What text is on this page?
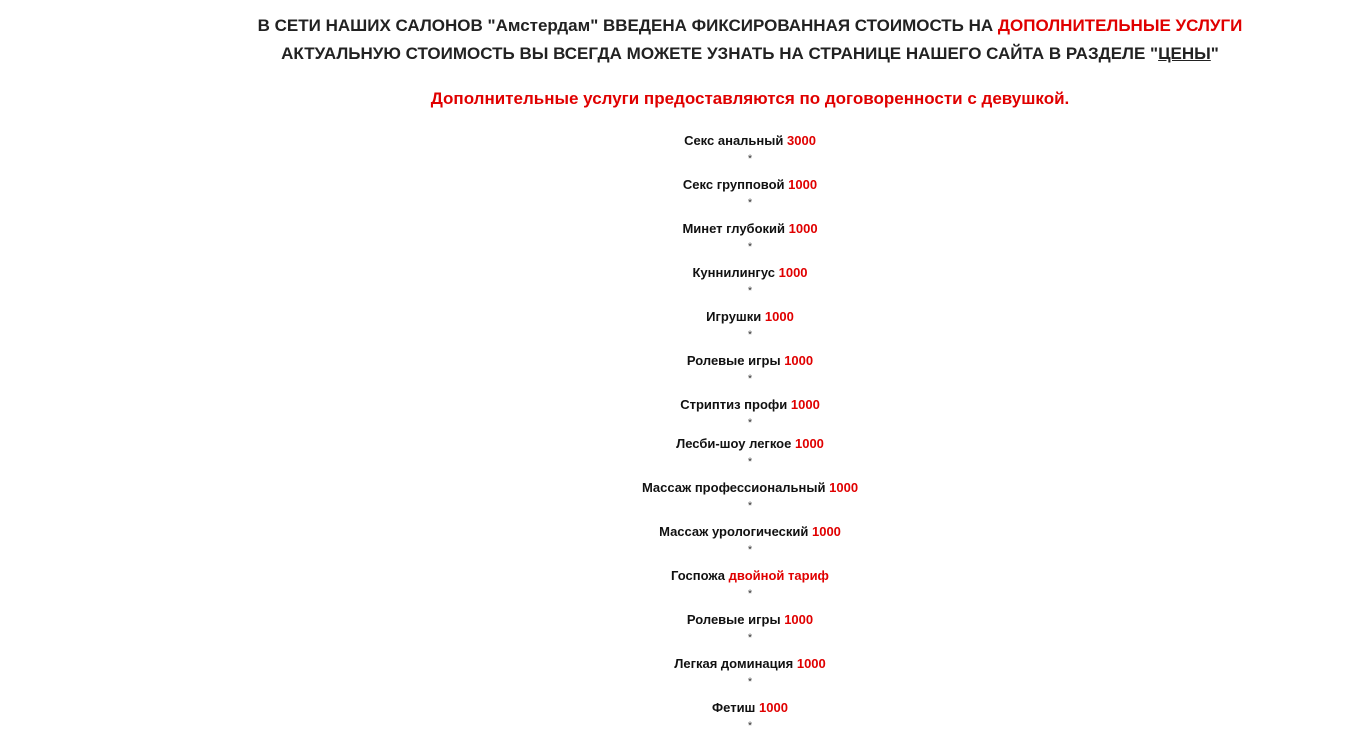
В СЕТИ НАШИХ САЛОНОВ "Амстердам" ВВЕДЕНА ФИКСИРОВАННАЯ СТОИМОСТЬ НА ДОПОЛНИТЕЛЬНЫЕ УСЛУГИ
АКТУАЛЬНУЮ СТОИМОСТЬ ВЫ ВСЕГДА МОЖЕТЕ УЗНАТЬ НА СТРАНИЦЕ НАШЕГО САЙТА В РАЗДЕЛЕ "ЦЕНЫ"
Дополнительные услуги предоставляются по договоренности с девушкой.
Секс анальный 3000
*
Секс групповой 1000
*
Минет глубокий 1000
*
Куннилингус 1000
*
Игрушки 1000
*
Ролевые игры 1000
*
Стриптиз профи 1000
*
Лесби-шоу легкое 1000
*
Массаж профессиональный 1000
*
Массаж урологический 1000
*
Госпожа двойной тариф
*
Ролевые игры 1000
*
Легкая доминация 1000
*
Фетиш 1000
*
